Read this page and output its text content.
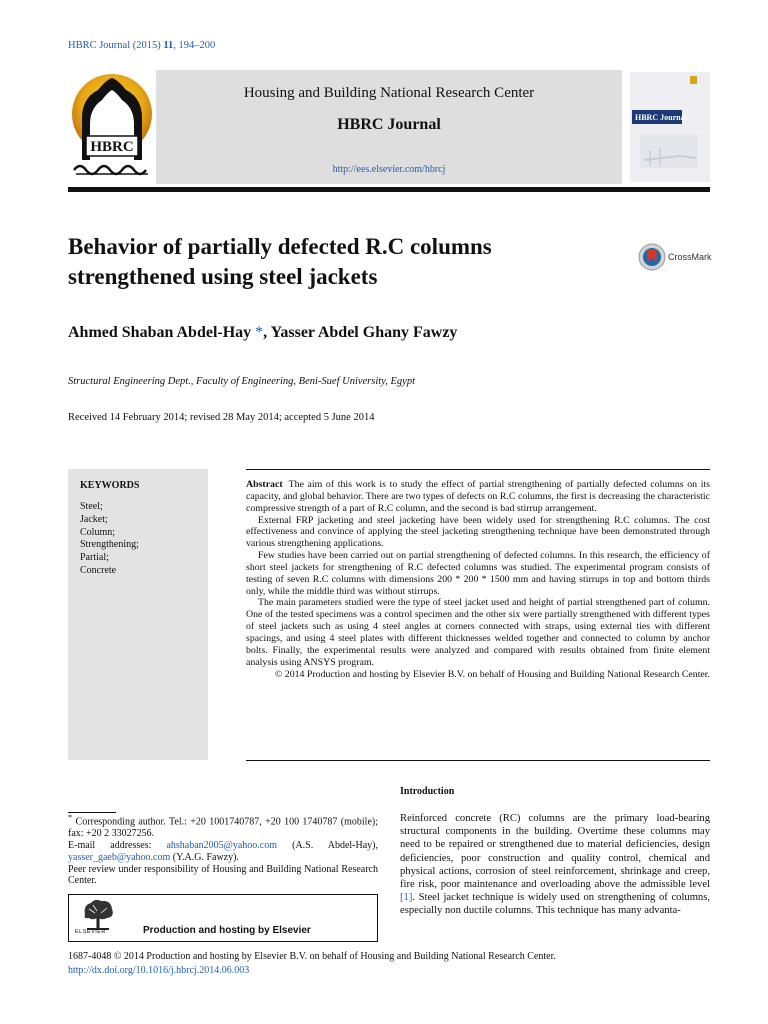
HBRC Journal (2015) 11, 194–200
HBRC
Housing and Building National Research Center
HBRC Journal
http://ees.elsevier.com/hbrcj
HBRC Journal
Behavior of partially defected R.C columns strengthened using steel jackets
CrossMark
Ahmed Shaban Abdel-Hay *, Yasser Abdel Ghany Fawzy
Structural Engineering Dept., Faculty of Engineering, Beni-Suef University, Egypt
Received 14 February 2014; revised 28 May 2014; accepted 5 June 2014
KEYWORDS
Steel;
Jacket;
Column;
Strengthening;
Partial;
Concrete

Abstract The aim of this work is to study the effect of partial strengthening of partially defected columns on its capacity, and global behavior. There are two types of defects on R.C columns, the first is decreasing the characteristic compressive strength of a part of R.C column, and the second is bad stirrup arrangement.

External FRP jacketing and steel jacketing have been widely used for strengthening R.C columns. The cost effectiveness and convince of applying the steel jacketing strengthening technique have been demonstrated through various strengthening applications.

Few studies have been carried out on partial strengthening of defected columns. In this research, the efficiency of short steel jackets for strengthening of R.C defected columns was studied. The experimental program consists of testing of seven R.C columns with dimensions 200 * 200 * 1500 mm and having stirrups in top and bottom thirds only, while the middle third was without stirrups.

The main parameters studied were the type of steel jacket used and height of partial strengthened part of column. One of the tested specimens was a control specimen and the other six were partially strengthened with different types of steel jackets such as using 4 steel angles at corners connected with straps, using external ties with different spacings, and using 4 steel plates with different thicknesses welded together and connected to column by anchor bolts. Finally, the experimental results were analyzed and compared with results obtained from finite element analysis using ANSYS program.

© 2014 Production and hosting by Elsevier B.V. on behalf of Housing and Building National Research Center.

* Corresponding author. Tel.: +20 1001740787, +20 100 1740787 (mobile); fax: +20 2 33027256.

E-mail addresses: ahshaban2005@yahoo.com (A.S. Abdel-Hay), yasser_gaeb@yahoo.com (Y.A.G. Fawzy).

Peer review under responsibility of Housing and Building National Research Center.

ELSEVIER	Production and hosting by Elsevier
Introduction

Reinforced concrete (RC) columns are the primary load-bearing structural components in the building. Overtime these columns may need to be repaired or strengthened due to material deficiencies, design deficiencies, poor construction and quality control, chemical and physical actions, corrosion of steel reinforcement, shrinkage and creep, fire risk, poor maintenance and overloading above the admissible level [1]. Steel jacket technique is widely used on strengthening of columns, especially non ductile columns. This technique has many advanta-

1687-4048 © 2014 Production and hosting by Elsevier B.V. on behalf of Housing and Building National Research Center.
http://dx.doi.org/10.1016/j.hbrcj.2014.06.003
